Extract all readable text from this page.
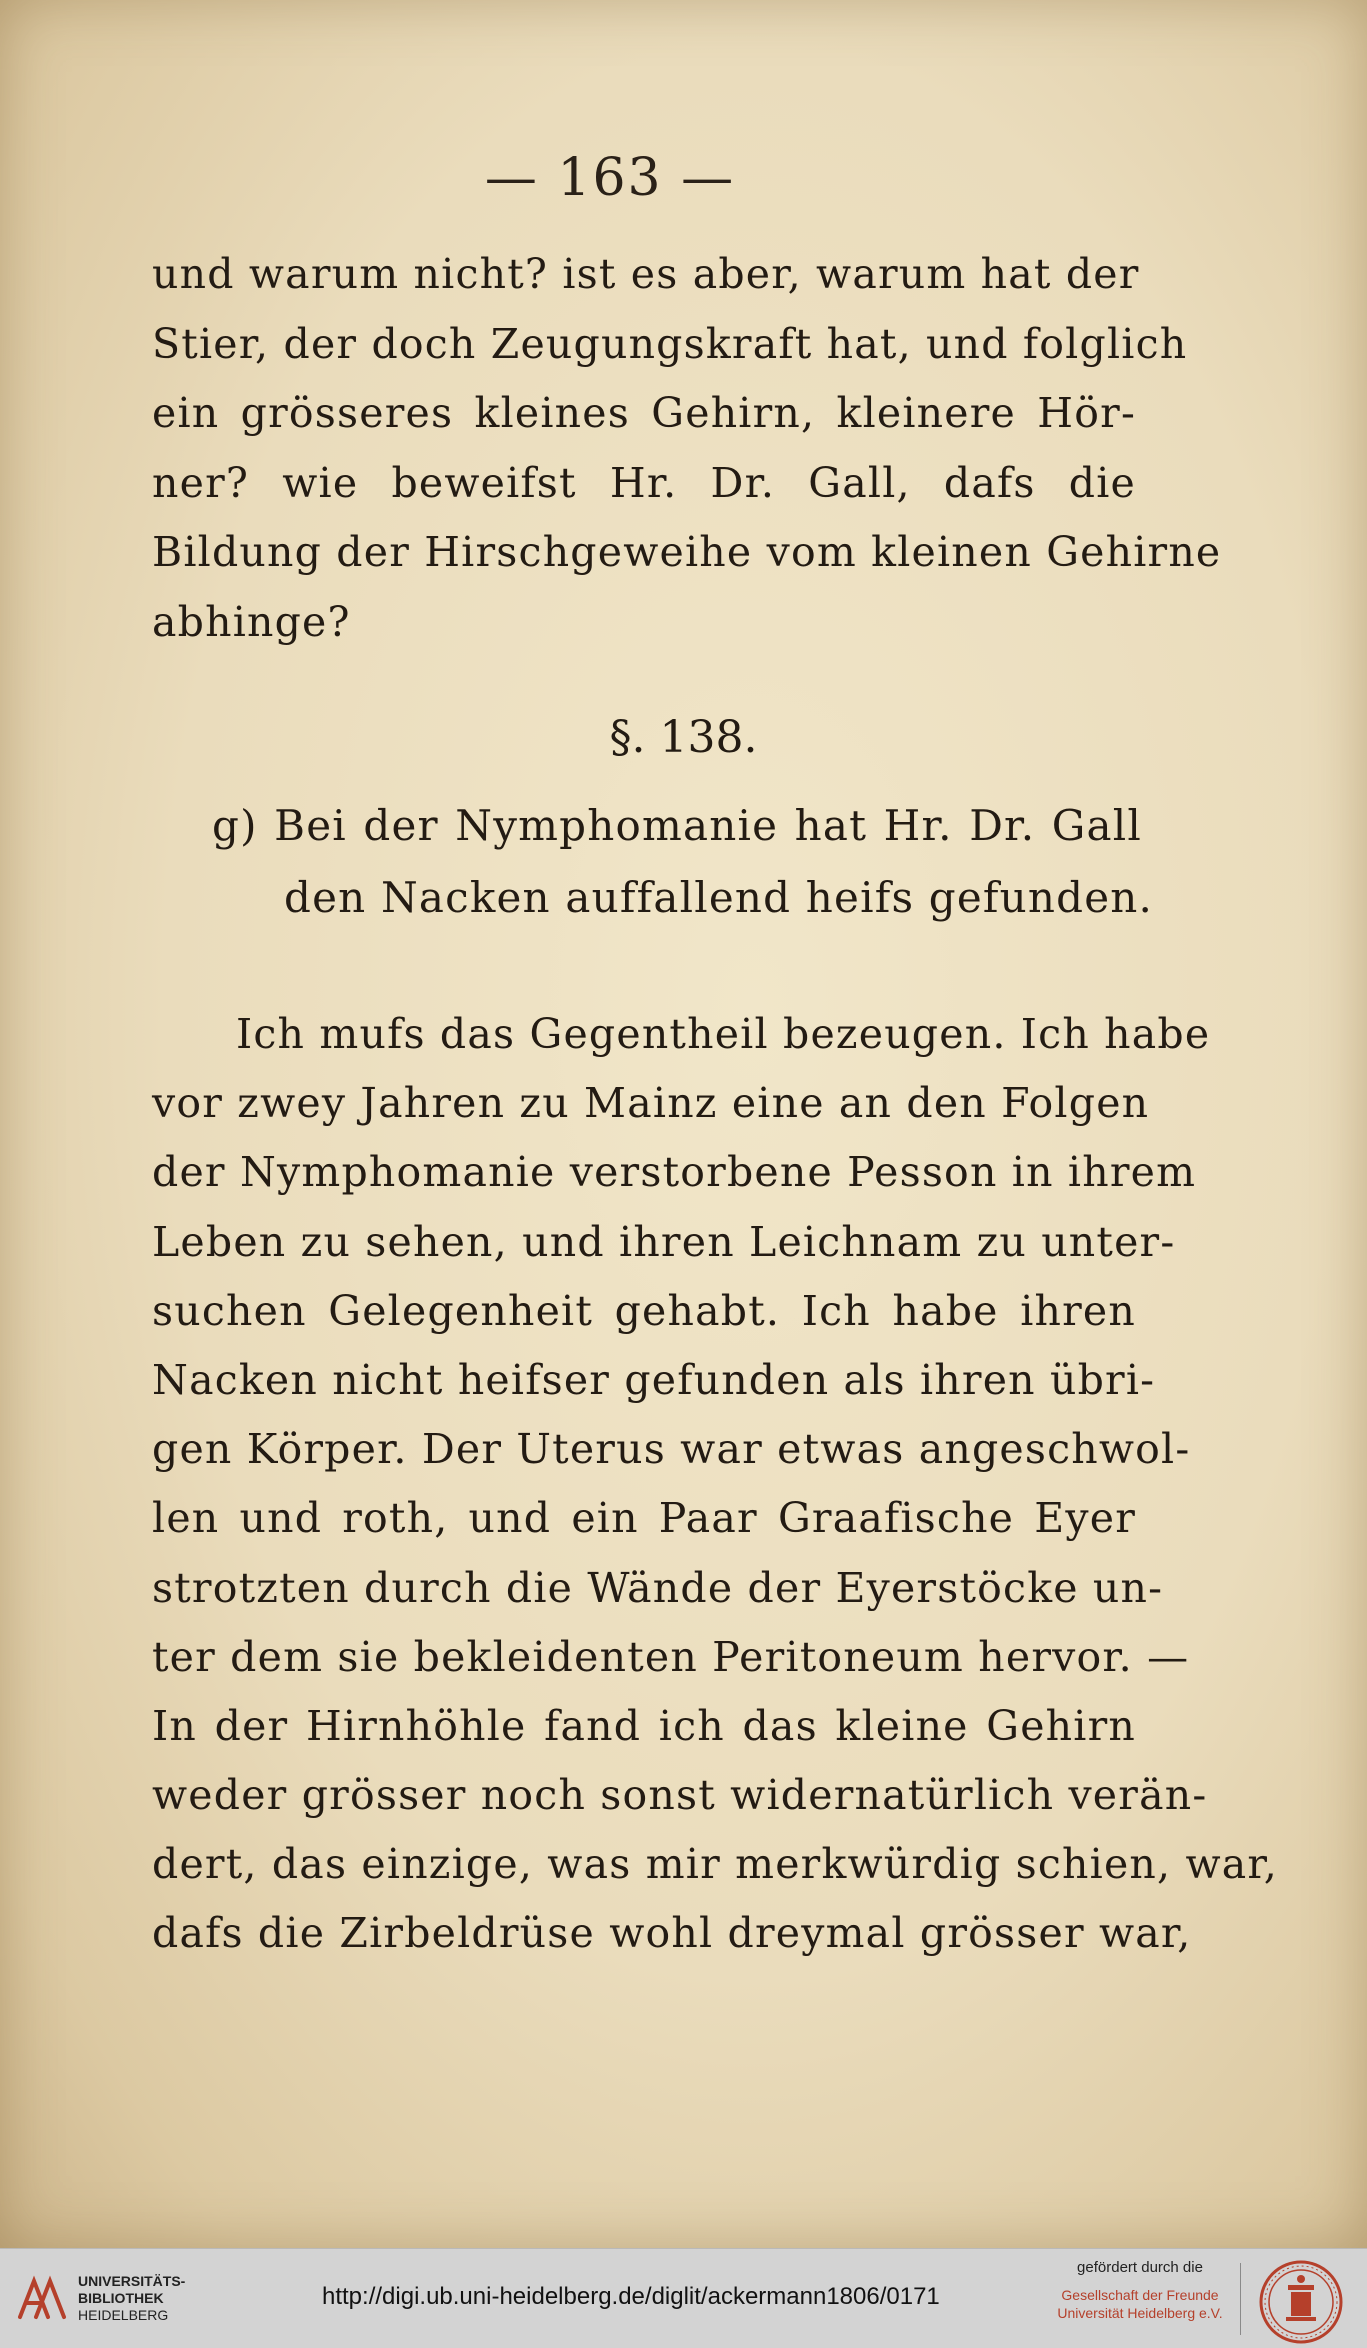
— 163 —
und warum nicht? ist es aber, warum hat der
Stier, der doch Zeugungskraft hat, und folglich
ein grösseres kleines Gehirn, kleinere Hör-
ner? wie beweifst Hr. Dr. Gall, dafs die
Bildung der Hirschgeweihe vom kleinen Gehirne
abhinge?
§. 138.
g) Bei der Nymphomanie hat Hr. Dr. Gall
den Nacken auffallend heifs gefunden.
Ich mufs das Gegentheil bezeugen. Ich habe
vor zwey Jahren zu Mainz eine an den Folgen
der Nymphomanie verstorbene Pesson in ihrem
Leben zu sehen, und ihren Leichnam zu unter-
suchen Gelegenheit gehabt. Ich habe ihren
Nacken nicht heifser gefunden als ihren übri-
gen Körper. Der Uterus war etwas angeschwol-
len und roth, und ein Paar Graafische Eyer
strotzten durch die Wände der Eyerstöcke un-
ter dem sie bekleidenten Peritoneum hervor. —
In der Hirnhöhle fand ich das kleine Gehirn
weder grösser noch sonst widernatürlich verän-
dert, das einzige, was mir merkwürdig schien, war,
dafs die Zirbeldrüse wohl dreymal grösser war,
UNIVERSITÄTS-
BIBLIOTHEK
HEIDELBERG
http://digi.ub.uni-heidelberg.de/diglit/ackermann1806/0171
gefördert durch die
Gesellschaft der Freunde
Universität Heidelberg e.V.
